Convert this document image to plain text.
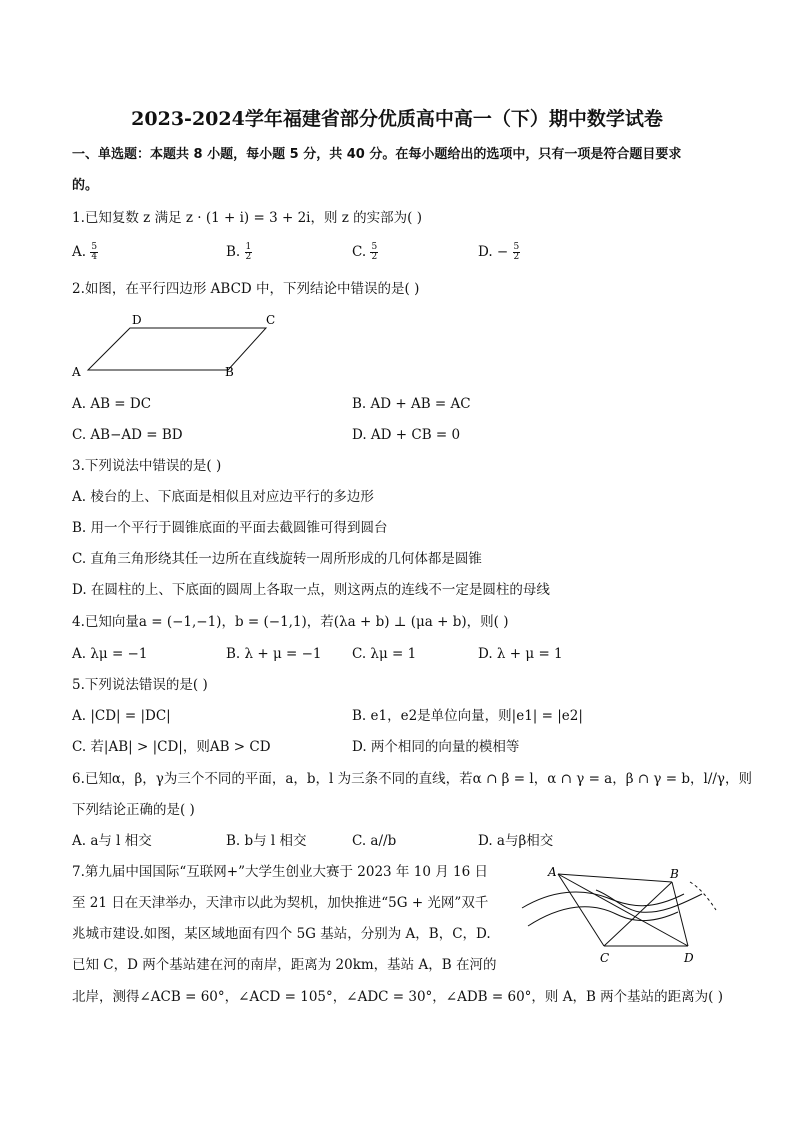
2023-2024学年福建省部分优质高中高一（下）期中数学试卷
一、单选题：本题共 8 小题，每小题 5 分，共 40 分。在每小题给出的选项中，只有一项是符合题目要求
的。
1.已知复数 z 满足 z · (1 + i) = 3 + 2i，则 z 的实部为( )
A. $\frac{5}{4}$	B. $\frac{1}{2}$	C. $\frac{5}{2}$	D. − $\frac{5}{2}$
2.如图，在平行四边形 ABCD 中，下列结论中错误的是( )
A	B
C
D
A. AB = DC	B. AD + AB = AC
C. AB−AD = BD	D. AD + CB = 0
3.下列说法中错误的是( )
A. 棱台的上、下底面是相似且对应边平行的多边形
B. 用一个平行于圆锥底面的平面去截圆锥可得到圆台
C. 直角三角形绕其任一边所在直线旋转一周所形成的几何体都是圆锥
D. 在圆柱的上、下底面的圆周上各取一点，则这两点的连线不一定是圆柱的母线
4.已知向量a = (−1,−1)，b = (−1,1)，若(λa + b) ⊥ (μa + b)，则( )
A. λμ = −1	B. λ + μ = −1 C. λμ = 1	D. λ + μ = 1
5.下列说法错误的是( )
A. |CD| = |DC|	B. e1，e2是单位向量，则|e1| = |e2|
C. 若|AB| > |CD|，则AB > CD	D. 两个相同的向量的模相等
6.已知α，β，γ为三个不同的平面，a，b，l 为三条不同的直线，若α ∩ β = l，α ∩ γ = a，β ∩ γ = b，l//γ，则
下列结论正确的是( )
A. a与 l 相交	B. b与 l 相交	C. a//b	D. a与β相交
7.第九届中国国际“互联网+”大学生创业大赛于 2023 年 10 月 16 日
至 21 日在天津举办，天津市以此为契机，加快推进“5G + 光网”双千
兆城市建设.如图，某区域地面有四个 5G 基站，分别为 A，B，C，D.
已知 C，D 两个基站建在河的南岸，距离为 20km，基站 A，B 在河的
北岸，测得∠ACB = 60°，∠ACD = 105°，∠ADC = 30°，∠ADB = 60°，则 A，B 两个基站的距离为( )
A	B
C	D
